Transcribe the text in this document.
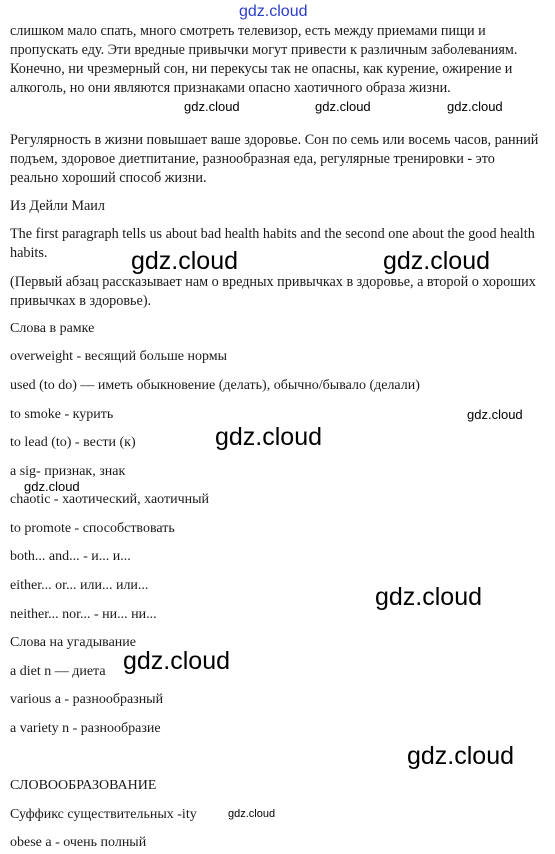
слишком мало спать, много смотреть телевизор, есть между приемами пищи и пропускать еду. Эти вредные привычки могут привести к различным заболеваниям. Конечно, ни чрезмерный сон, ни перекусы так не опасны, как курение, ожирение и алкоголь, но они являются признаками опасно хаотичного образа жизни.

Регулярность в жизни повышает ваше здоровье. Сон по семь или восемь часов, ранний подъем, здоровое диетпитание, разнообразная еда, регулярные тренировки - это реально хороший способ жизни.

Из Дейли Маил

The first paragraph tells us about bad health habits and the second one about the good health habits.

(Первый абзац рассказывает нам о вредных привычках в здоровье, а второй о хороших привычках в здоровье).

Слова в рамке
overweight - весящий больше нормы
used (to do) — иметь обыкновение (делать), обычно/бывало (делали)
to smoke - курить
to lead (to) - вести (к)
a sig- признак, знак
chaotic - хаотический, хаотичный
to promote - способствовать
both... and... - и... и...
either... or... или... или...
neither... nor... - ни... ни...
Слова на угадывание
a diet n — диета
various a - разнообразный
a variety n - разнообразие
СЛОВООБРАЗОВАНИЕ
Суффикс существительных -ity
obese a - очень полный
gdz.cloud
gdz.cloud	gdz.cloud	gdz.cloud
gdz.cloud	gdz.cloud
gdz.cloud
gdz.cloud
gdz.cloud
gdz.cloud
gdz.cloud
gdz.cloud
gdz.cloud
